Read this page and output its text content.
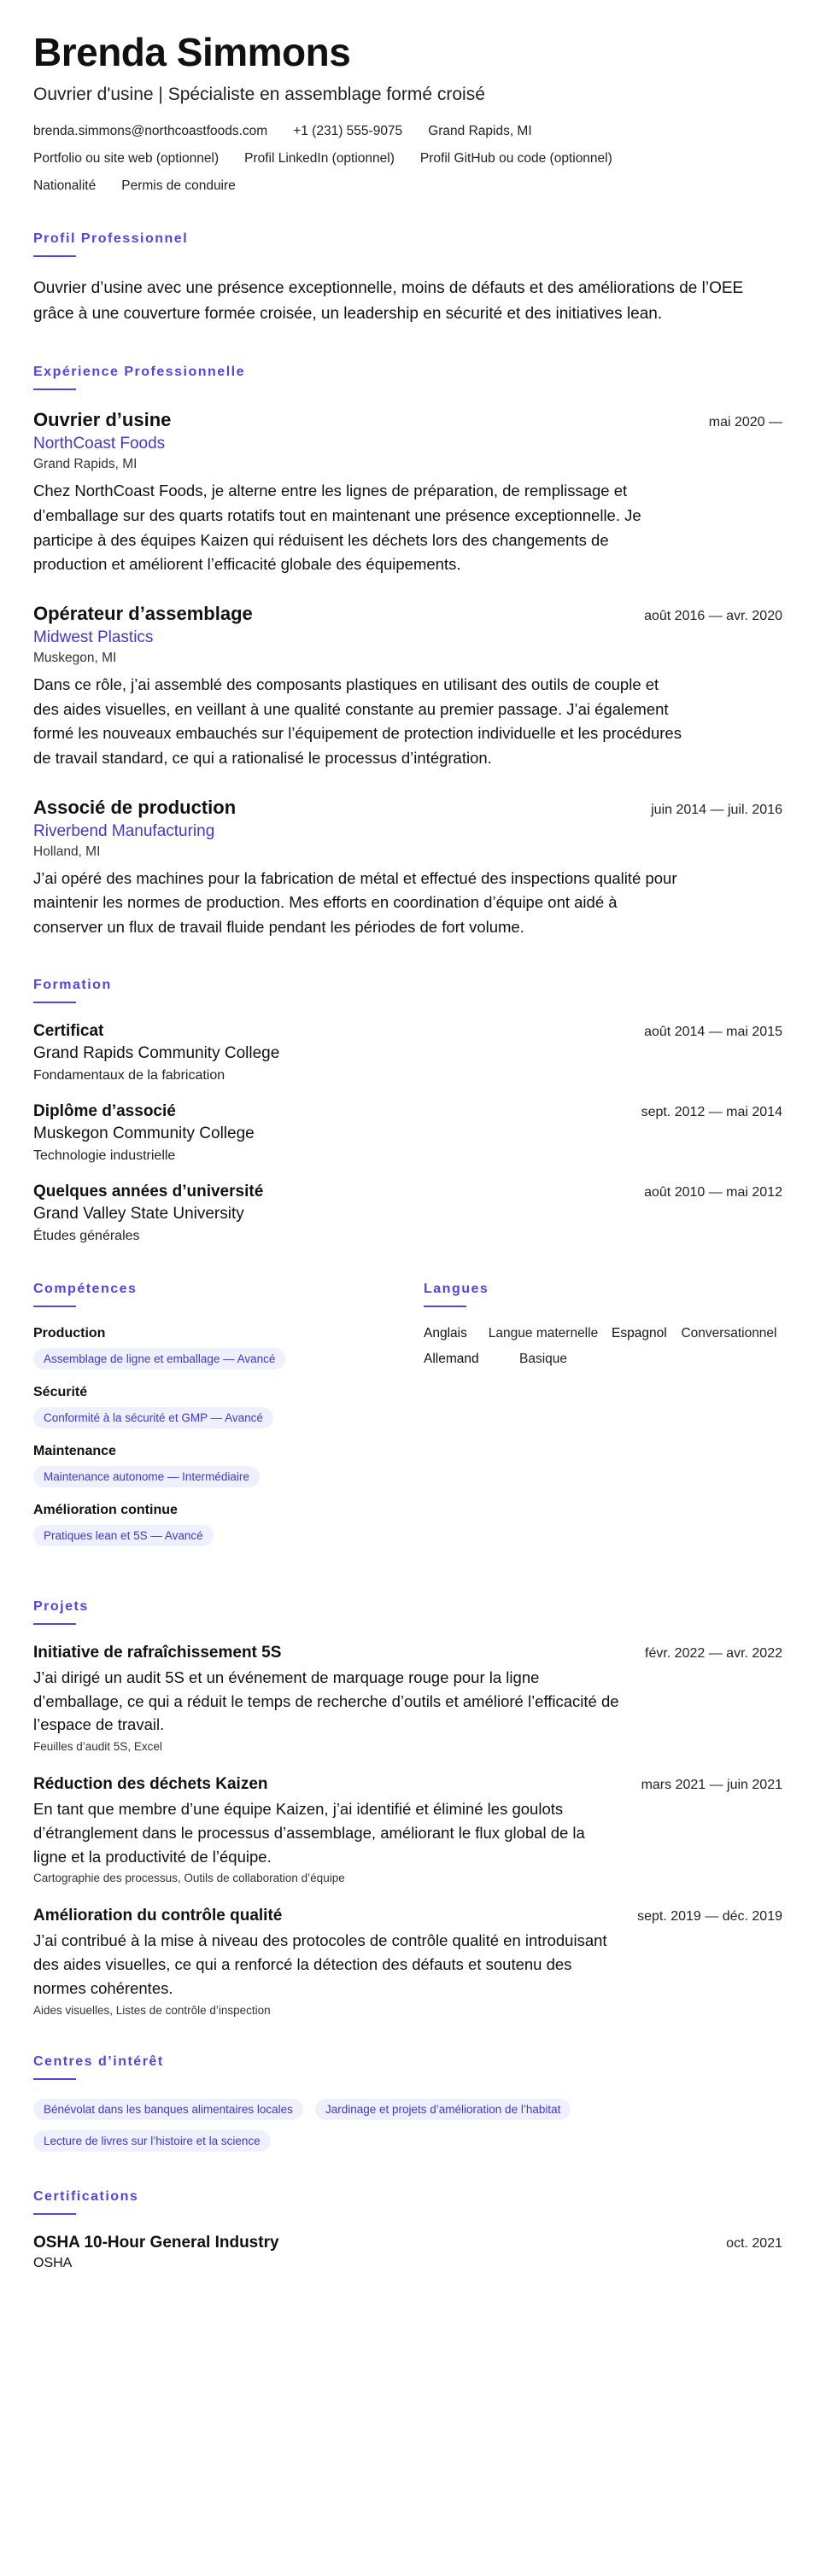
Brenda Simmons
Ouvrier d'usine | Spécialiste en assemblage formé croisé
brenda.simmons@northcoastfoods.com +1 (231) 555-9075 Grand Rapids, MI
Portfolio ou site web (optionnel) Profil LinkedIn (optionnel) Profil GitHub ou code (optionnel)
Nationalité Permis de conduire
Profil Professionnel

Ouvrier d’usine avec une présence exceptionnelle, moins de défauts et des améliorations de l’OEE grâce à une couverture formée croisée, un leadership en sécurité et des initiatives lean.

Expérience Professionnelle
Ouvrier d’usine	mai 2020 —
NorthCoast Foods
Grand Rapids, MI
Chez NorthCoast Foods, je alterne entre les lignes de préparation, de remplissage et d’emballage sur des quarts rotatifs tout en maintenant une présence exceptionnelle. Je participe à des équipes Kaizen qui réduisent les déchets lors des changements de production et améliorent l’efficacité globale des équipements.
Opérateur d’assemblage	août 2016 — avr. 2020
Midwest Plastics
Muskegon, MI
Dans ce rôle, j’ai assemblé des composants plastiques en utilisant des outils de couple et des aides visuelles, en veillant à une qualité constante au premier passage. J’ai également formé les nouveaux embauchés sur l’équipement de protection individuelle et les procédures de travail standard, ce qui a rationalisé le processus d’intégration.
Associé de production	juin 2014 — juil. 2016
Riverbend Manufacturing
Holland, MI
J’ai opéré des machines pour la fabrication de métal et effectué des inspections qualité pour maintenir les normes de production. Mes efforts en coordination d’équipe ont aidé à conserver un flux de travail fluide pendant les périodes de fort volume.
Formation
Certificat	août 2014 — mai 2015
Grand Rapids Community College
Fondamentaux de la fabrication
Diplôme d’associé	sept. 2012 — mai 2014
Muskegon Community College
Technologie industrielle
Quelques années d’université	août 2010 — mai 2012
Grand Valley State University
Études générales
Compétences
Production
Assemblage de ligne et emballage — Avancé
Sécurité
Conformité à la sécurité et GMP — Avancé
Maintenance
Maintenance autonome — Intermédiaire
Amélioration continue
Pratiques lean et 5S — Avancé
Langues
Anglais	Langue maternelle	Espagnol	Conversationnel
Allemand	Basique
Projets
Initiative de rafraîchissement 5S	févr. 2022 — avr. 2022
J’ai dirigé un audit 5S et un événement de marquage rouge pour la ligne d’emballage, ce qui a réduit le temps de recherche d’outils et amélioré l’efficacité de l’espace de travail.
Feuilles d’audit 5S, Excel
Réduction des déchets Kaizen	mars 2021 — juin 2021
En tant que membre d’une équipe Kaizen, j’ai identifié et éliminé les goulots d’étranglement dans le processus d’assemblage, améliorant le flux global de la ligne et la productivité de l’équipe.
Cartographie des processus, Outils de collaboration d’équipe
Amélioration du contrôle qualité	sept. 2019 — déc. 2019
J’ai contribué à la mise à niveau des protocoles de contrôle qualité en introduisant des aides visuelles, ce qui a renforcé la détection des défauts et soutenu des normes cohérentes.
Aides visuelles, Listes de contrôle d’inspection
Centres d’intérêt
Bénévolat dans les banques alimentaires locales	Jardinage et projets d’amélioration de l’habitat
Lecture de livres sur l’histoire et la science
Certifications
OSHA 10-Hour General Industry	oct. 2021
OSHA
